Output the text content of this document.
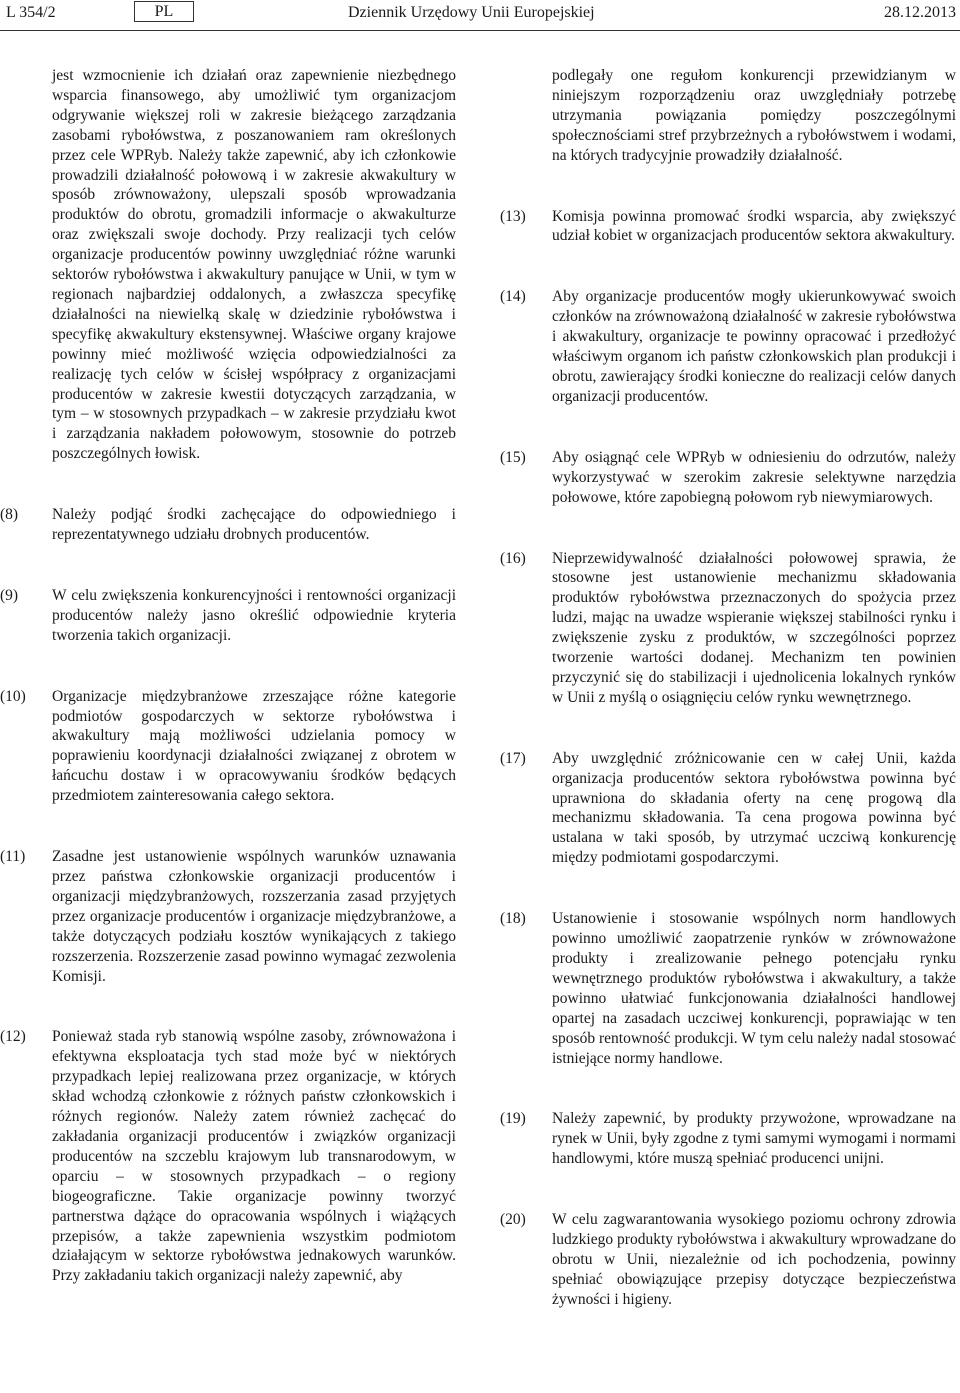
L 354/2	PL	Dziennik Urzędowy Unii Europejskiej	28.12.2013
jest wzmocnienie ich działań oraz zapewnienie niezbędnego wsparcia finansowego, aby umożliwić tym organizacjom odgrywanie większej roli w zakresie bieżącego zarządzania zasobami rybołówstwa, z poszanowaniem ram określonych przez cele WPRyb. Należy także zapewnić, aby ich członkowie prowadzili działalność połowową i w zakresie akwakultury w sposób zrównoważony, ulepszali sposób wprowadzania produktów do obrotu, gromadzili informacje o akwakulturze oraz zwiększali swoje dochody. Przy realizacji tych celów organizacje producentów powinny uwzględniać różne warunki sektorów rybołówstwa i akwakultury panujące w Unii, w tym w regionach najbardziej oddalonych, a zwłaszcza specyfikę działalności na niewielką skalę w dziedzinie rybołówstwa i specyfikę akwakultury ekstensywnej. Właściwe organy krajowe powinny mieć możliwość wzięcia odpowiedzialności za realizację tych celów w ścisłej współpracy z organizacjami producentów w zakresie kwestii dotyczących zarządzania, w tym – w stosownych przypadkach – w zakresie przydziału kwot i zarządzania nakładem połowowym, stosownie do potrzeb poszczególnych łowisk.
(8)	Należy podjąć środki zachęcające do odpowiedniego i reprezentatywnego udziału drobnych producentów.
(9)	W celu zwiększenia konkurencyjności i rentowności organizacji producentów należy jasno określić odpowiednie kryteria tworzenia takich organizacji.
(10)	Organizacje międzybranżowe zrzeszające różne kategorie podmiotów gospodarczych w sektorze rybołówstwa i akwakultury mają możliwości udzielania pomocy w poprawieniu koordynacji działalności związanej z obrotem w łańcuchu dostaw i w opracowywaniu środków będących przedmiotem zainteresowania całego sektora.
(11)	Zasadne jest ustanowienie wspólnych warunków uznawania przez państwa członkowskie organizacji producentów i organizacji międzybranżowych, rozszerzania zasad przyjętych przez organizacje producentów i organizacje międzybranżowe, a także dotyczących podziału kosztów wynikających z takiego rozszerzenia. Rozszerzenie zasad powinno wymagać zezwolenia Komisji.
(12)	Ponieważ stada ryb stanowią wspólne zasoby, zrównoważona i efektywna eksploatacja tych stad może być w niektórych przypadkach lepiej realizowana przez organizacje, w których skład wchodzą członkowie z różnych państw członkowskich i różnych regionów. Należy zatem również zachęcać do zakładania organizacji producentów i związków organizacji producentów na szczeblu krajowym lub transnarodowym, w oparciu – w stosownych przypadkach – o regiony biogeograficzne. Takie organizacje powinny tworzyć partnerstwa dążące do opracowania wspólnych i wiążących przepisów, a także zapewnienia wszystkim podmiotom działającym w sektorze rybołówstwa jednakowych warunków. Przy zakładaniu takich organizacji należy zapewnić, aby
podlegały one regułom konkurencji przewidzianym w niniejszym rozporządzeniu oraz uwzględniały potrzebę utrzymania powiązania pomiędzy poszczególnymi społecznościami stref przybrzeżnych a rybołówstwem i wodami, na których tradycyjnie prowadziły działalność.
(13)	Komisja powinna promować środki wsparcia, aby zwiększyć udział kobiet w organizacjach producentów sektora akwakultury.
(14)	Aby organizacje producentów mogły ukierunkowywać swoich członków na zrównoważoną działalność w zakresie rybołówstwa i akwakultury, organizacje te powinny opracować i przedłożyć właściwym organom ich państw członkowskich plan produkcji i obrotu, zawierający środki konieczne do realizacji celów danych organizacji producentów.
(15)	Aby osiągnąć cele WPRyb w odniesieniu do odrzutów, należy wykorzystywać w szerokim zakresie selektywne narzędzia połowowe, które zapobiegną połowom ryb niewymiarowych.
(16)	Nieprzewidywalność działalności połowowej sprawia, że stosowne jest ustanowienie mechanizmu składowania produktów rybołówstwa przeznaczonych do spożycia przez ludzi, mając na uwadze wspieranie większej stabilności rynku i zwiększenie zysku z produktów, w szczególności poprzez tworzenie wartości dodanej. Mechanizm ten powinien przyczynić się do stabilizacji i ujednolicenia lokalnych rynków w Unii z myślą o osiągnięciu celów rynku wewnętrznego.
(17)	Aby uwzględnić zróżnicowanie cen w całej Unii, każda organizacja producentów sektora rybołówstwa powinna być uprawniona do składania oferty na cenę progową dla mechanizmu składowania. Ta cena progowa powinna być ustalana w taki sposób, by utrzymać uczciwą konkurencję między podmiotami gospodarczymi.
(18)	Ustanowienie i stosowanie wspólnych norm handlowych powinno umożliwić zaopatrzenie rynków w zrównoważone produkty i zrealizowanie pełnego potencjału rynku wewnętrznego produktów rybołówstwa i akwakultury, a także powinno ułatwiać funkcjonowania działalności handlowej opartej na zasadach uczciwej konkurencji, poprawiając w ten sposób rentowność produkcji. W tym celu należy nadal stosować istniejące normy handlowe.
(19)	Należy zapewnić, by produkty przywożone, wprowadzane na rynek w Unii, były zgodne z tymi samymi wymogami i normami handlowymi, które muszą spełniać producenci unijni.
(20)	W celu zagwarantowania wysokiego poziomu ochrony zdrowia ludzkiego produkty rybołówstwa i akwakultury wprowadzane do obrotu w Unii, niezależnie od ich pochodzenia, powinny spełniać obowiązujące przepisy dotyczące bezpieczeństwa żywności i higieny.
